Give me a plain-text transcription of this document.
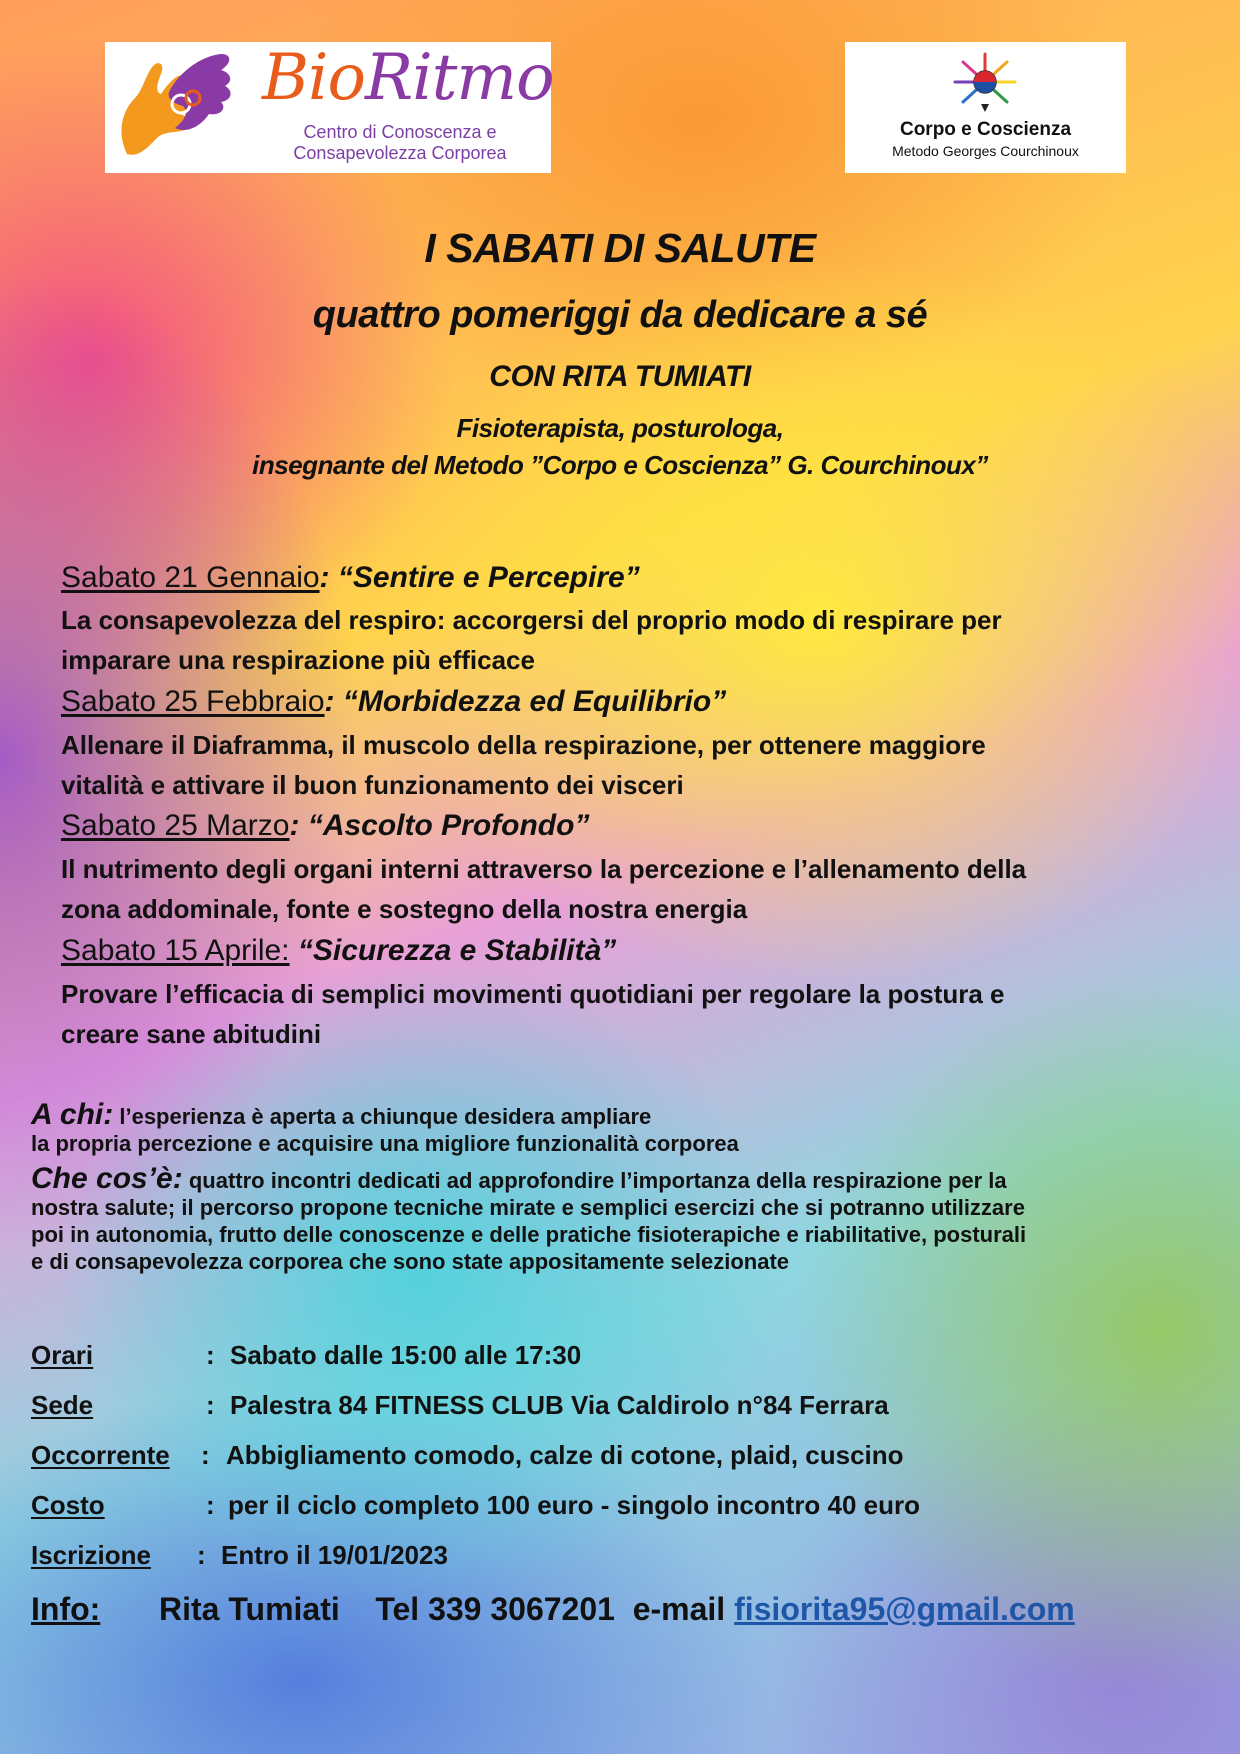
BioRitmo
Centro di Conoscenza e
Consapevolezza Corporea
Corpo e Coscienza
Metodo Georges Courchinoux
I SABATI DI SALUTE
quattro pomeriggi da dedicare a sé
CON RITA TUMIATI
Fisioterapista, posturologa,
insegnante del Metodo ”Corpo e Coscienza” G. Courchinoux”
Sabato 21 Gennaio: “Sentire e Percepire”
La consapevolezza del respiro: accorgersi del proprio modo di respirare per
imparare una respirazione più efficace
Sabato 25 Febbraio: “Morbidezza ed Equilibrio”
Allenare il Diaframma, il muscolo della respirazione, per ottenere maggiore
vitalità e attivare il buon funzionamento dei visceri
Sabato 25 Marzo: “Ascolto Profondo”
Il nutrimento degli organi interni attraverso la percezione e l’allenamento della
zona addominale, fonte e sostegno della nostra energia
Sabato 15 Aprile: “Sicurezza e Stabilità”
Provare l’efficacia di semplici movimenti quotidiani per regolare la postura e
creare sane abitudini
A chi: l’esperienza è aperta a chiunque desidera ampliare
la propria percezione e acquisire una migliore funzionalità corporea
Che cos’è: quattro incontri dedicati ad approfondire l’importanza della respirazione per la
nostra salute; il percorso propone tecniche mirate e semplici esercizi che si potranno utilizzare
poi in autonomia, frutto delle conoscenze e delle pratiche fisioterapiche e riabilitative, posturali
e di consapevolezza corporea che sono state appositamente selezionate
Orari	: Sabato dalle 15:00 alle 17:30
Sede	: Palestra 84 FITNESS CLUB Via Caldirolo n°84 Ferrara
Occorrente : Abbigliamento comodo, calze di cotone, plaid, cuscino
Costo	: per il ciclo completo 100 euro - singolo incontro 40 euro
Iscrizione : Entro il 19/01/2023
Info: Rita Tumiati Tel 339 3067201 e-mail fisiorita95@gmail.com
